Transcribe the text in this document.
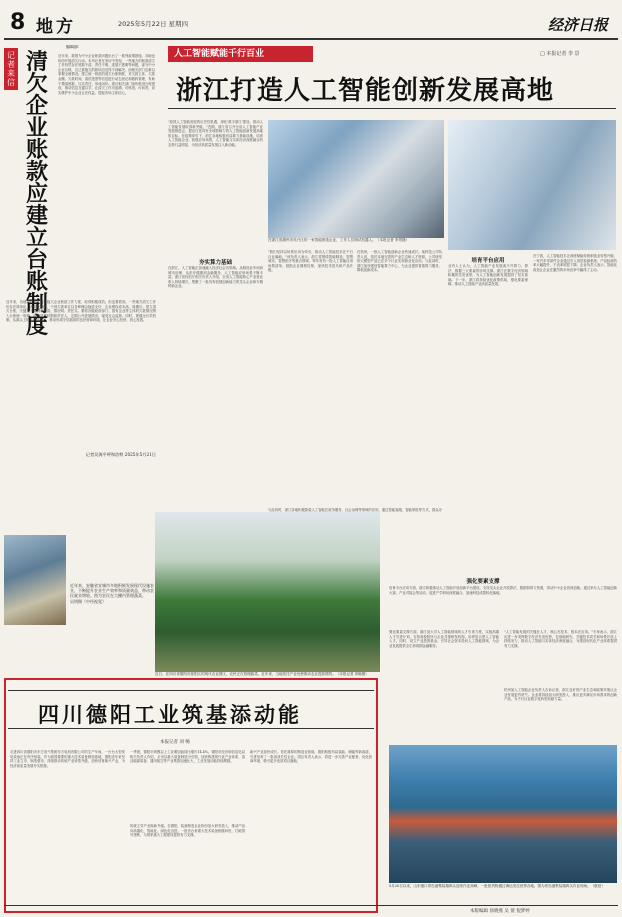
8 地方	2025年5月22日 星期四	经济日报
记者来信
清欠企业账款应建立台账制度
编辑部：
近年来，我国为中小企业账款问题出台了一系列政策措施，各地也纷纷开展清欠行动。本刊记者在采访中发现，一些地方的账款清欠工作仍然存在底数不清、责任不明、进展不透明等问题，部分中小企业反映，自己被拖欠的款项迟迟得不到解决，而相关部门也难以掌握全面情况。建立统一规范的清欠台账制度，对欠款主体、欠款金额、欠款时间、清偿进度等信息进行动态登记和跟踪管理，有助于摸清底数、压实责任、形成闭环。建议相关部门加快推进台账建设，推动信息互通共享，让清欠工作可追溯、可核查、可问责，切实维护中小企业合法权益，提振市场主体信心。
近年来，各地持续加大清理拖欠企业账款工作力度，取得积极成效。但也要看到，一些地方清欠工作仍存在简单化、表面化倾向，个别欠款单位以各种理由拖延支付，企业维权成本高、周期长。建立清欠台账，关键在于做到底数清、情况明、责任实。要将各级政府部门、国有企业等主体的欠款情况纳入台账统一管理，明确清偿时限和责任人，定期公开进展情况，接受社会监督。同时，要健全长效机制，从源头上防止新增拖欠，推动形成守信践诺的良好营商环境，让企业安心经营、放心发展。
记者吴海平呼和浩特 2025年5月21日
近年来，安徽省宣城市多地积极发展现代设施农业，不断提升农业生产效率和质量效益，带动农民就业增收。图为农民在大棚内管理蔬菜。
吴明摄（中经视觉）
人工智能赋能千行百业	□ 本报记者 李 景
浙江打造人工智能创新发展高地
"抢抓人工智能发展的历史性机遇，深化'数字浙江'建设，推动人工智能发展取得新突破。"近期，浙江省召开全省人工智能产业发展推进会，提出打造具有全球影响力的人工智能创新发展高地的目标。在政策牵引下，浙江各地积极布局算力基础设施、培育人工智能企业、拓展应用场景，人工智能与实体经济深度融合的态势日益明显，为经济高质量发展注入新动能。
在浙江省湖州市吴兴区的一家智能制造企业，工作人员调试机器人。（本报记者 李景摄）
夯实算力基础
在浙江，人工智能正加速融入经济社会各领域。从制造业车间到城市治理，从医疗健康到金融服务，人工智能应用场景不断丰富。浙江省经信厅相关负责人介绍，全省人工智能核心产业营业收入持续增长，集聚了一批具有较强创新能力的龙头企业和专精特新企业。
"我们坚持以场景应用为牵引，推动人工智能技术在千行百业落地。"该负责人表示，浙江将围绕智能制造、智慧城市、智慧医疗等重点领域，每年发布一批人工智能应用场景清单，鼓励企业揭榜挂帅，加快技术迭代和产品升级。
在杭州，一批人工智能创新企业快速成长。某科技公司负责人说，依托本地完善的产业生态和人才资源，公司研发的大模型产品已在多个行业实现商业化应用。与此同时，浙江加快建设智能算力中心，为企业提供普惠算力服务，降低创新成本。
培育平台应用
业内人士认为，人工智能产业发展离不开算力、算法、数据三大要素的协同支撑。浙江在数字经济领域积累的先发优势，为人工智能创新发展提供了坚实基础。下一步，浙江将持续优化政策供给，强化要素保障，推动人工智能产业高质量发展。
在宁波，人工智能技术正深度赋能传统制造业转型升级。一家汽车零部件企业通过引入视觉检测系统，产品检测效率大幅提升，不良率明显下降。企业负责人表示，智能化改造让企业在激烈的市场竞争中赢得了主动。
与此同时，浙江各地积极探索人工智能在政务服务、社会治理等领域的应用。通过智能客服、智能审批等方式，群众办
强化要素支撑
培育平台应用方面，浙江积极推动人工智能开放创新平台建设，支持龙头企业开放算法、数据和算力资源，带动中小企业协同创新。通过举办人工智能创新大赛、产业对接会等活动，促进产学研用深度融合，加速科技成果转化落地。
近日，在四川省德阳市旌阳区的现代农业园区，农民正在管理蔬菜。近年来，当地依托产业优势推动农业提质增效。（本报记者 刘畅摄）
四川德阳工业筑基添动能
本报记者 刘 畅
走进四川省德阳市东方电气集团东方电机有限公司的生产车间，一台台大型发电设备正在有序组装。作为我国重要的重大技术装备制造基地，德阳近年来坚持工业立市、制造强市，持续推动传统产业转型升级，加快培育新兴产业，为经济高质量发展夯实根基。
一季度，德阳市规模以上工业增加值同比增长14.4%。德阳市经济和信息化局相关负责人介绍，全市以重大装备制造为引领，加快构建现代化产业体系，清洁能源装备、通用航空等产业集群加速壮大，工业发展动能持续增强。
传统主导产业焕新升级。在德阳，装备制造企业纷纷加大研发投入，推动产品向高端化、智能化、绿色化迈进。一批首台套重大技术装备相继问世，打破国外垄断，为国家重大工程建设提供有力支撑。
新兴产业加快成长。依托雄厚的制造业基础，德阳积极布局氢能、储能等新赛道，引进培育了一批高成长性企业。园区负责人表示，将进一步完善产业配套，优化营商环境，吸引更多优质项目落地。
强化要素支撑方面，浙江加大对人工智能领域的人才引育力度，实施高端人才引进计划，支持高校院所与企业共建研发机构，培养复合型人工智能人才。同时，设立产业投资基金，引导社会资本投向人工智能领域，为企业发展提供全生命周期金融服务。
"人工智能发展的关键在人才、核心在技术、根本在应用。"专家表示，浙江应进一步发挥数字经济先发优势，在基础研究、关键技术攻关和场景开放上持续发力，推动人工智能与实体经济深度融合，为建设现代化产业体系提供有力支撑。
杭州某人工智能企业负责人告诉记者，浙江良好的产业生态和政策环境让企业发展更有底气。企业将持续加大研发投入，推出更多满足市场需求的创新产品，为千行百业数字化转型贡献力量。
5月20日以来，山东港口青岛港集装箱码头迎来作业高峰，一批批货物通过海运发往世界各地。图为青岛港集装箱码头作业现场。（航拍）
本版编辑 徐晓燕 吴 倩 倪梦婷
